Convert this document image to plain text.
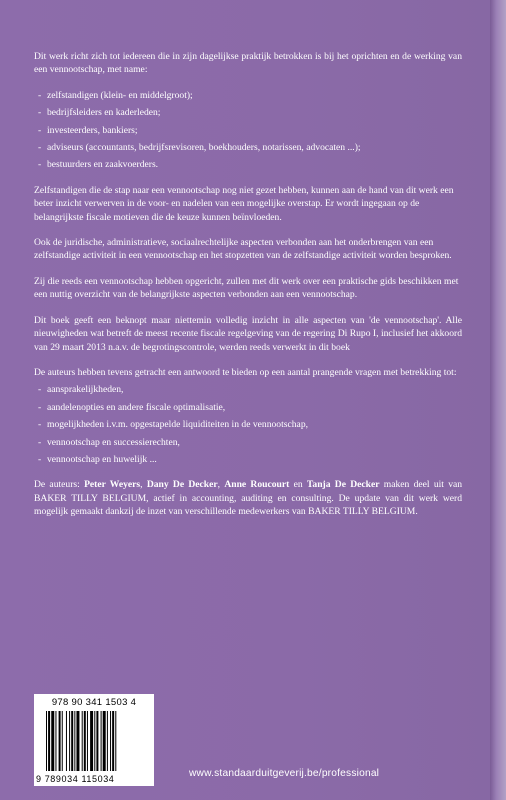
Dit werk richt zich tot iedereen die in zijn dagelijkse praktijk betrokken is bij het oprichten en de werking van een vennootschap, met name:

- zelfstandigen (klein- en middelgroot);
- bedrijfsleiders en kaderleden;
- investeerders, bankiers;
- adviseurs (accountants, bedrijfsrevisoren, boekhouders, notarissen, advocaten ...);
- bestuurders en zaakvoerders.

Zelfstandigen die de stap naar een vennootschap nog niet gezet hebben, kunnen aan de hand van dit werk een beter inzicht verwerven in de voor- en nadelen van een mogelijke overstap. Er wordt ingegaan op de belangrijkste fiscale motieven die de keuze kunnen beïnvloeden.

Ook de juridische, administratieve, sociaalrechtelijke aspecten verbonden aan het onderbrengen van een zelfstandige activiteit in een vennootschap en het stopzetten van de zelfstandige activiteit worden besproken.

Zij die reeds een vennootschap hebben opgericht, zullen met dit werk over een praktische gids beschikken met een nuttig overzicht van de belangrijkste aspecten verbonden aan een vennootschap.

Dit boek geeft een beknopt maar niettemin volledig inzicht in alle aspecten van 'de vennootschap'. Alle nieuwigheden wat betreft de meest recente fiscale regelgeving van de regering Di Rupo I, inclusief het akkoord van 29 maart 2013 n.a.v. de begrotingscontrole, werden reeds verwerkt in dit boek

De auteurs hebben tevens getracht een antwoord te bieden op een aantal prangende vragen met betrekking tot:

- aansprakelijkheden,
- aandelenopties en andere fiscale optimalisatie,
- mogelijkheden i.v.m. opgestapelde liquiditeiten in de vennootschap,
- vennootschap en successierechten,
- vennootschap en huwelijk ...

De auteurs: Peter Weyers, Dany De Decker, Anne Roucourt en Tanja De Decker maken deel uit van BAKER TILLY BELGIUM, actief in accounting, auditing en consulting. De update van dit werk werd mogelijk gemaakt dankzij de inzet van verschillende medewerkers van BAKER TILLY BELGIUM.

978 90 341 1503 4
9 789034 115034	www.standaarduitgeverij.be/professional
